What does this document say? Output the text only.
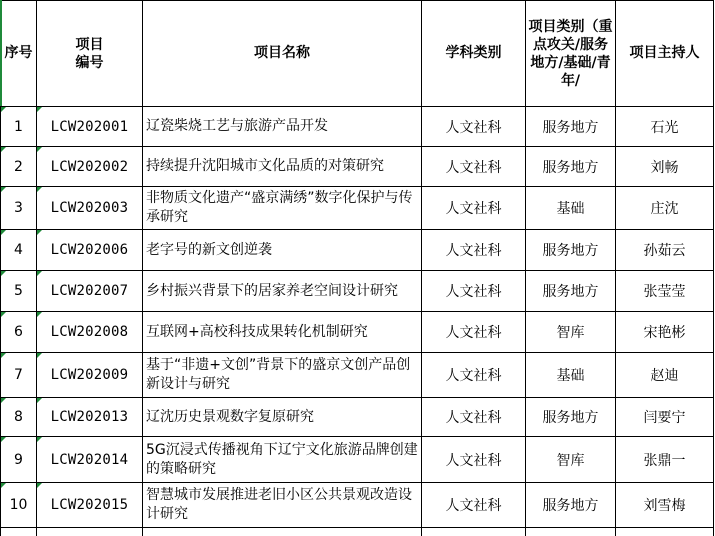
序号	项目编号	项目名称	学科类别	项目类别（重点攻关/服务地方/基础/青年/	项目主持人

1	LCW202001	辽瓷柴烧工艺与旅游产品开发	人文社科	服务地方	石光

2	LCW202002	持续提升沈阳城市文化品质的对策研究	人文社科	服务地方	刘畅

3	LCW202003	非物质文化遗产“盛京满绣”数字化保护与传承研究	人文社科	基础	庄沈

4	LCW202006	老字号的新文创逆袭	人文社科	服务地方	孙茹云

5	LCW202007	乡村振兴背景下的居家养老空间设计研究	人文社科	服务地方	张莹莹

6	LCW202008	互联网+高校科技成果转化机制研究	人文社科	智库	宋艳彬

7	LCW202009	基于“非遗+文创”背景下的盛京文创产品创新设计与研究	人文社科	基础	赵迪

8	LCW202013	辽沈历史景观数字复原研究	人文社科	服务地方	闫要宁

9	LCW202014	5G沉浸式传播视角下辽宁文化旅游品牌创建的策略研究	人文社科	智库	张鼎一

10	LCW202015	智慧城市发展推进老旧小区公共景观改造设计研究	人文社科	服务地方	刘雪梅
